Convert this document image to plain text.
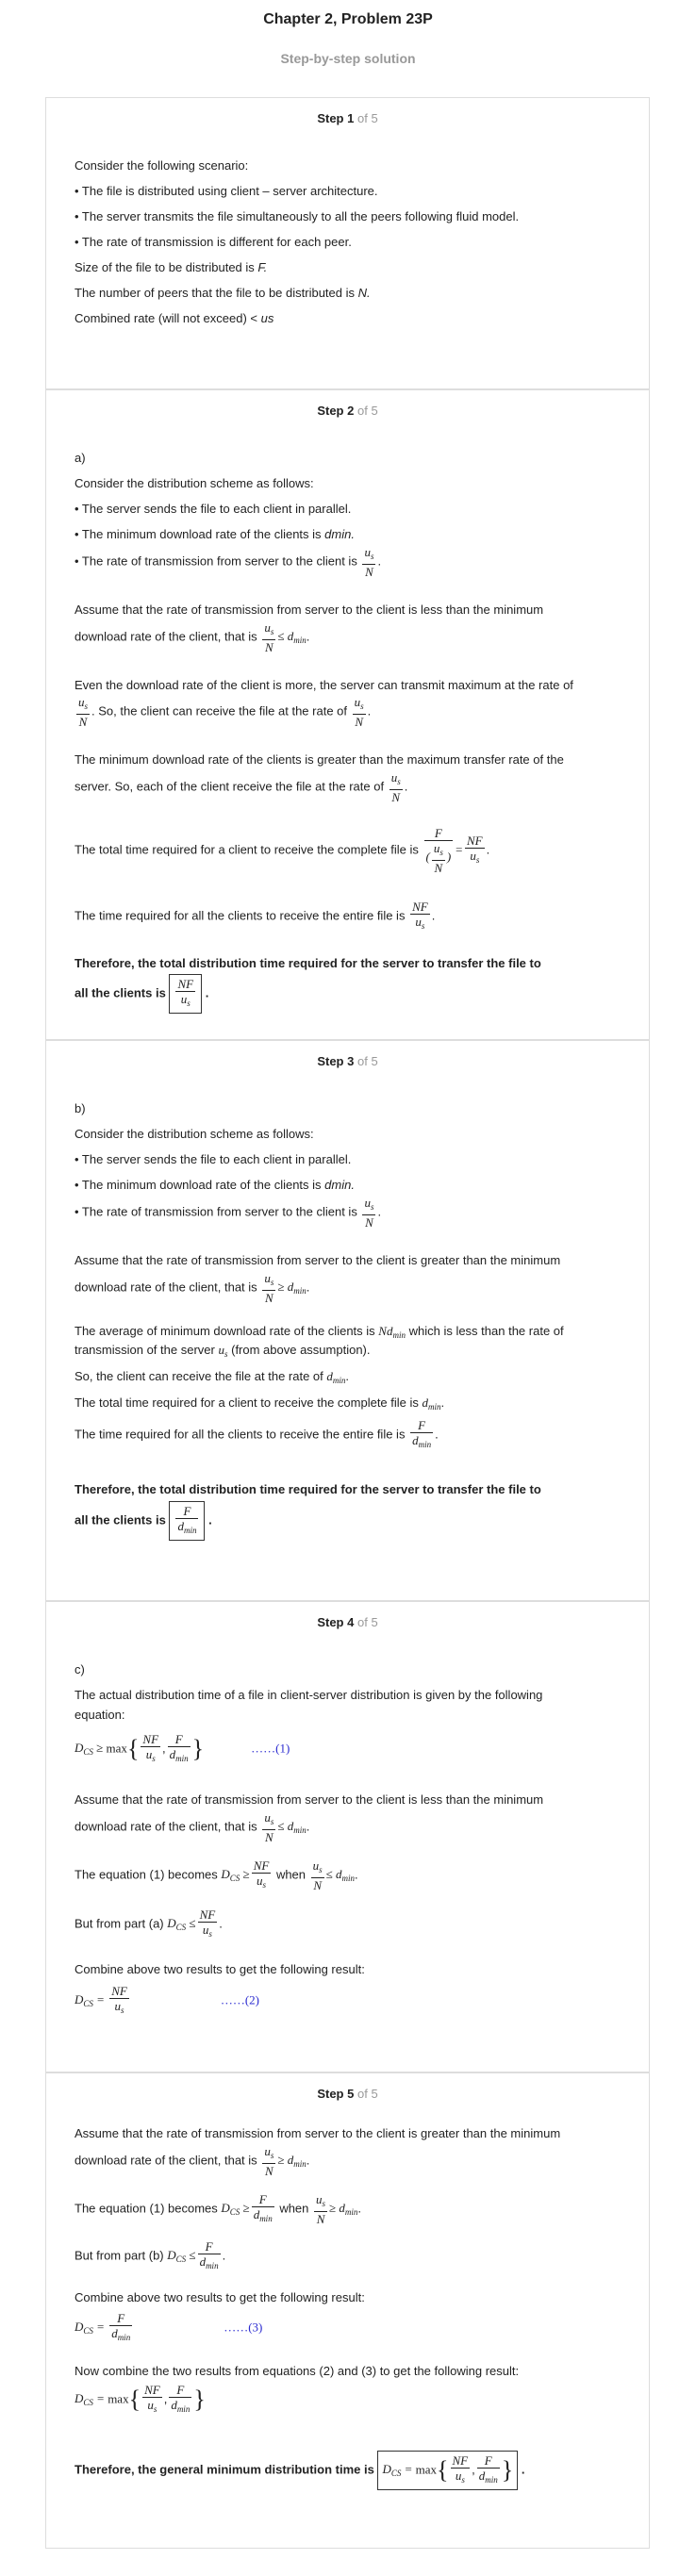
Chapter 2, Problem 23P
Step-by-step solution
Step 1 of 5
Consider the following scenario:
• The file is distributed using client – server architecture.
• The server transmits the file simultaneously to all the peers following fluid model.
• The rate of transmission is different for each peer.
Size of the file to be distributed is F.
The number of peers that the file to be distributed is N.
Combined rate (will not exceed) < us
Step 2 of 5
a)
Consider the distribution scheme as follows:
• The server sends the file to each client in parallel.
• The minimum download rate of the clients is dmin.
• The rate of transmission from server to the client is $\frac{u_s}{N}$ .
Assume that the rate of transmission from server to the client is less than the minimum
download rate of the client, that is $\frac{u_s}{N} \le d_{min}$.
Even the download rate of the client is more, the server can transmit maximum at the rate of
$\frac{u_s}{N}$ . So, the client can receive the file at the rate of $\frac{u_s}{N}$ .
The minimum download rate of the clients is greater than the maximum transfer rate of the
server. So, each of the client receive the file at the rate of $\frac{u_s}{N}$ .
The total time required for a client to receive the complete file is $\frac{F}{( \frac{u_s}{N} )} = \frac{NF}{u_s}$ .
The time required for all the clients to receive the entire file is $\frac{NF}{u_s}$ .
Therefore, the total distribution time required for the server to transfer the file to
all the clients is $\frac{NF}{u_s}$ .
Step 3 of 5
b)
Consider the distribution scheme as follows:
• The server sends the file to each client in parallel.
• The minimum download rate of the clients is dmin.
• The rate of transmission from server to the client is $\frac{u_s}{N}$ .
Assume that the rate of transmission from server to the client is greater than the minimum
download rate of the client, that is $\frac{u_s}{N} \ge d_{min}$.
The average of minimum download rate of the clients is $Nd_{min}$ which is less than the rate of
transmission of the server $u_s$ (from above assumption).
So, the client can receive the file at the rate of $d_{min}$.
The total time required for a client to receive the complete file is $d_{min}$.
The time required for all the clients to receive the entire file is $\frac{F}{d_{min}}$ .
Therefore, the total distribution time required for the server to transfer the file to
all the clients is $\frac{F}{d_{min}}$ .
Step 4 of 5
c)
The actual distribution time of a file in client-server distribution is given by the following
equation:
$D_{CS} \ge \max\{ \frac{NF}{u_s}$ , $\frac{F}{d_{min}}$ }	……(1)
Assume that the rate of transmission from server to the client is less than the minimum
download rate of the client, that is $\frac{u_s}{N} \le d_{min}$.
The equation (1) becomes $D_{CS} \ge \frac{NF}{u_s}$ when $\frac{u_s}{N} \le d_{min}$.
But from part (a) $D_{CS} \le \frac{NF}{u_s}$ .
Combine above two results to get the following result:
$D_{CS} = \frac{NF}{u_s}$	……(2)
Step 5 of 5
Assume that the rate of transmission from server to the client is greater than the minimum
download rate of the client, that is $\frac{u_s}{N} \ge d_{min}$.
The equation (1) becomes $D_{CS} \ge \frac{F}{d_{min}}$ when $\frac{u_s}{N} \ge d_{min}$.
But from part (b) $D_{CS} \le \frac{F}{d_{min}}$ .
Combine above two results to get the following result:
$D_{CS} = \frac{F}{d_{min}}$	……(3)
Now combine the two results from equations (2) and (3) to get the following result:
$D_{CS} = \max\{ \frac{NF}{u_s}$ , $\frac{F}{d_{min}}$ }
Therefore, the general minimum distribution time is $D_{CS} = \max\{ \frac{NF}{u_s}$ , $\frac{F}{d_{min}}$ } .
